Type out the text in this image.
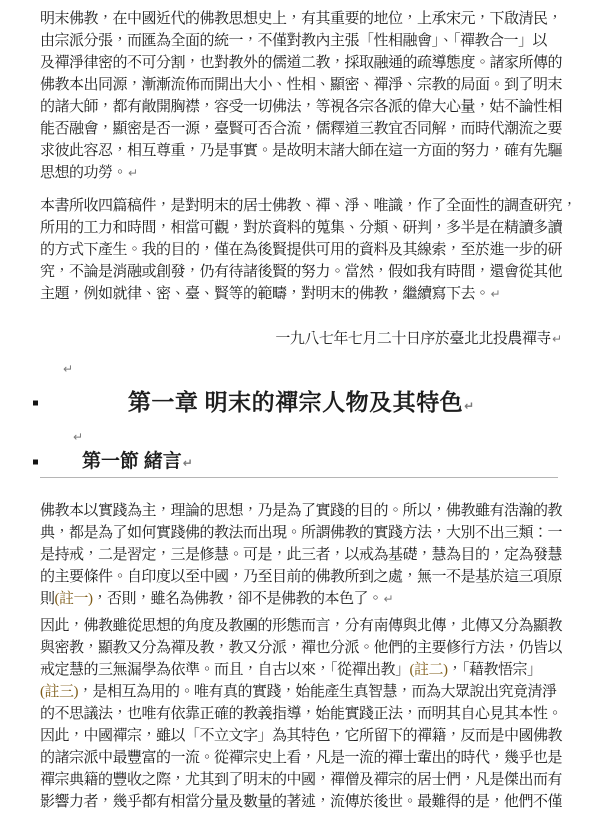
明末佛教，在中國近代的佛教思想史上，有其重要的地位，上承宋元，下啟清民，
由宗派分張，而匯為全面的統一，不僅對教內主張「性相融會」、「禪教合一」以
及禪淨律密的不可分割，也對教外的儒道二教，採取融通的疏導態度。諸家所傳的
佛教本出同源，漸漸流佈而開出大小、性相、顯密、禪淨、宗教的局面。到了明末
的諸大師，都有敞開胸襟，容受一切佛法，等視各宗各派的偉大心量，姑不論性相
能否融會，顯密是否一源，臺賢可否合流，儒釋道三教宜否同解，而時代潮流之要
求彼此容忍，相互尊重，乃是事實。是故明末諸大師在這一方面的努力，確有先驅
思想的功勞。↵
本書所收四篇稿件，是對明末的居士佛教、禪、淨、唯識，作了全面性的調查研究，
所用的工力和時間，相當可觀，對於資料的蒐集、分類、研判，多半是在精讀多讀
的方式下產生。我的目的，僅在為後賢提供可用的資料及其線索，至於進一步的研
究，不論是消融或創發，仍有待諸後賢的努力。當然，假如我有時間，還會從其他
主題，例如就律、密、臺、賢等的範疇，對明末的佛教，繼續寫下去。↵
一九八七年七月二十日序於臺北北投農禪寺↵
↵
第一章 明末的禪宗人物及其特色↵
↵
第一節 緒言↵
佛教本以實踐為主，理論的思想，乃是為了實踐的目的。所以，佛教雖有浩瀚的教
典，都是為了如何實踐佛的教法而出現。所謂佛教的實踐方法，大別不出三類：一
是持戒，二是習定，三是修慧。可是，此三者，以戒為基礎，慧為目的，定為發慧
的主要條件。自印度以至中國，乃至目前的佛教所到之處，無一不是基於這三項原
則(註一)，否則，雖名為佛教，卻不是佛教的本色了。↵
因此，佛教雖從思想的角度及教團的形態而言，分有南傳與北傳，北傳又分為顯教
與密教，顯教又分為禪及教，教又分派，禪也分派。他們的主要修行方法，仍皆以
戒定慧的三無漏學為依準。而且，自古以來，「從禪出教」(註二)，「藉教悟宗」
(註三)，是相互為用的。唯有真的實踐，始能產生真智慧，而為大眾說出究竟清淨
的不思議法，也唯有依靠正確的教義指導，始能實踐正法，而明其自心見其本性。
因此，中國禪宗，雖以「不立文字」為其特色，它所留下的禪籍，反而是中國佛教
的諸宗派中最豐富的一流。從禪宗史上看，凡是一流的禪士輩出的時代，幾乎也是
禪宗典籍的豐收之際，尤其到了明末的中國，禪僧及禪宗的居士們，凡是傑出而有
影響力者，幾乎都有相當分量及數量的著述，流傳於後世。最難得的是，他們不僅
